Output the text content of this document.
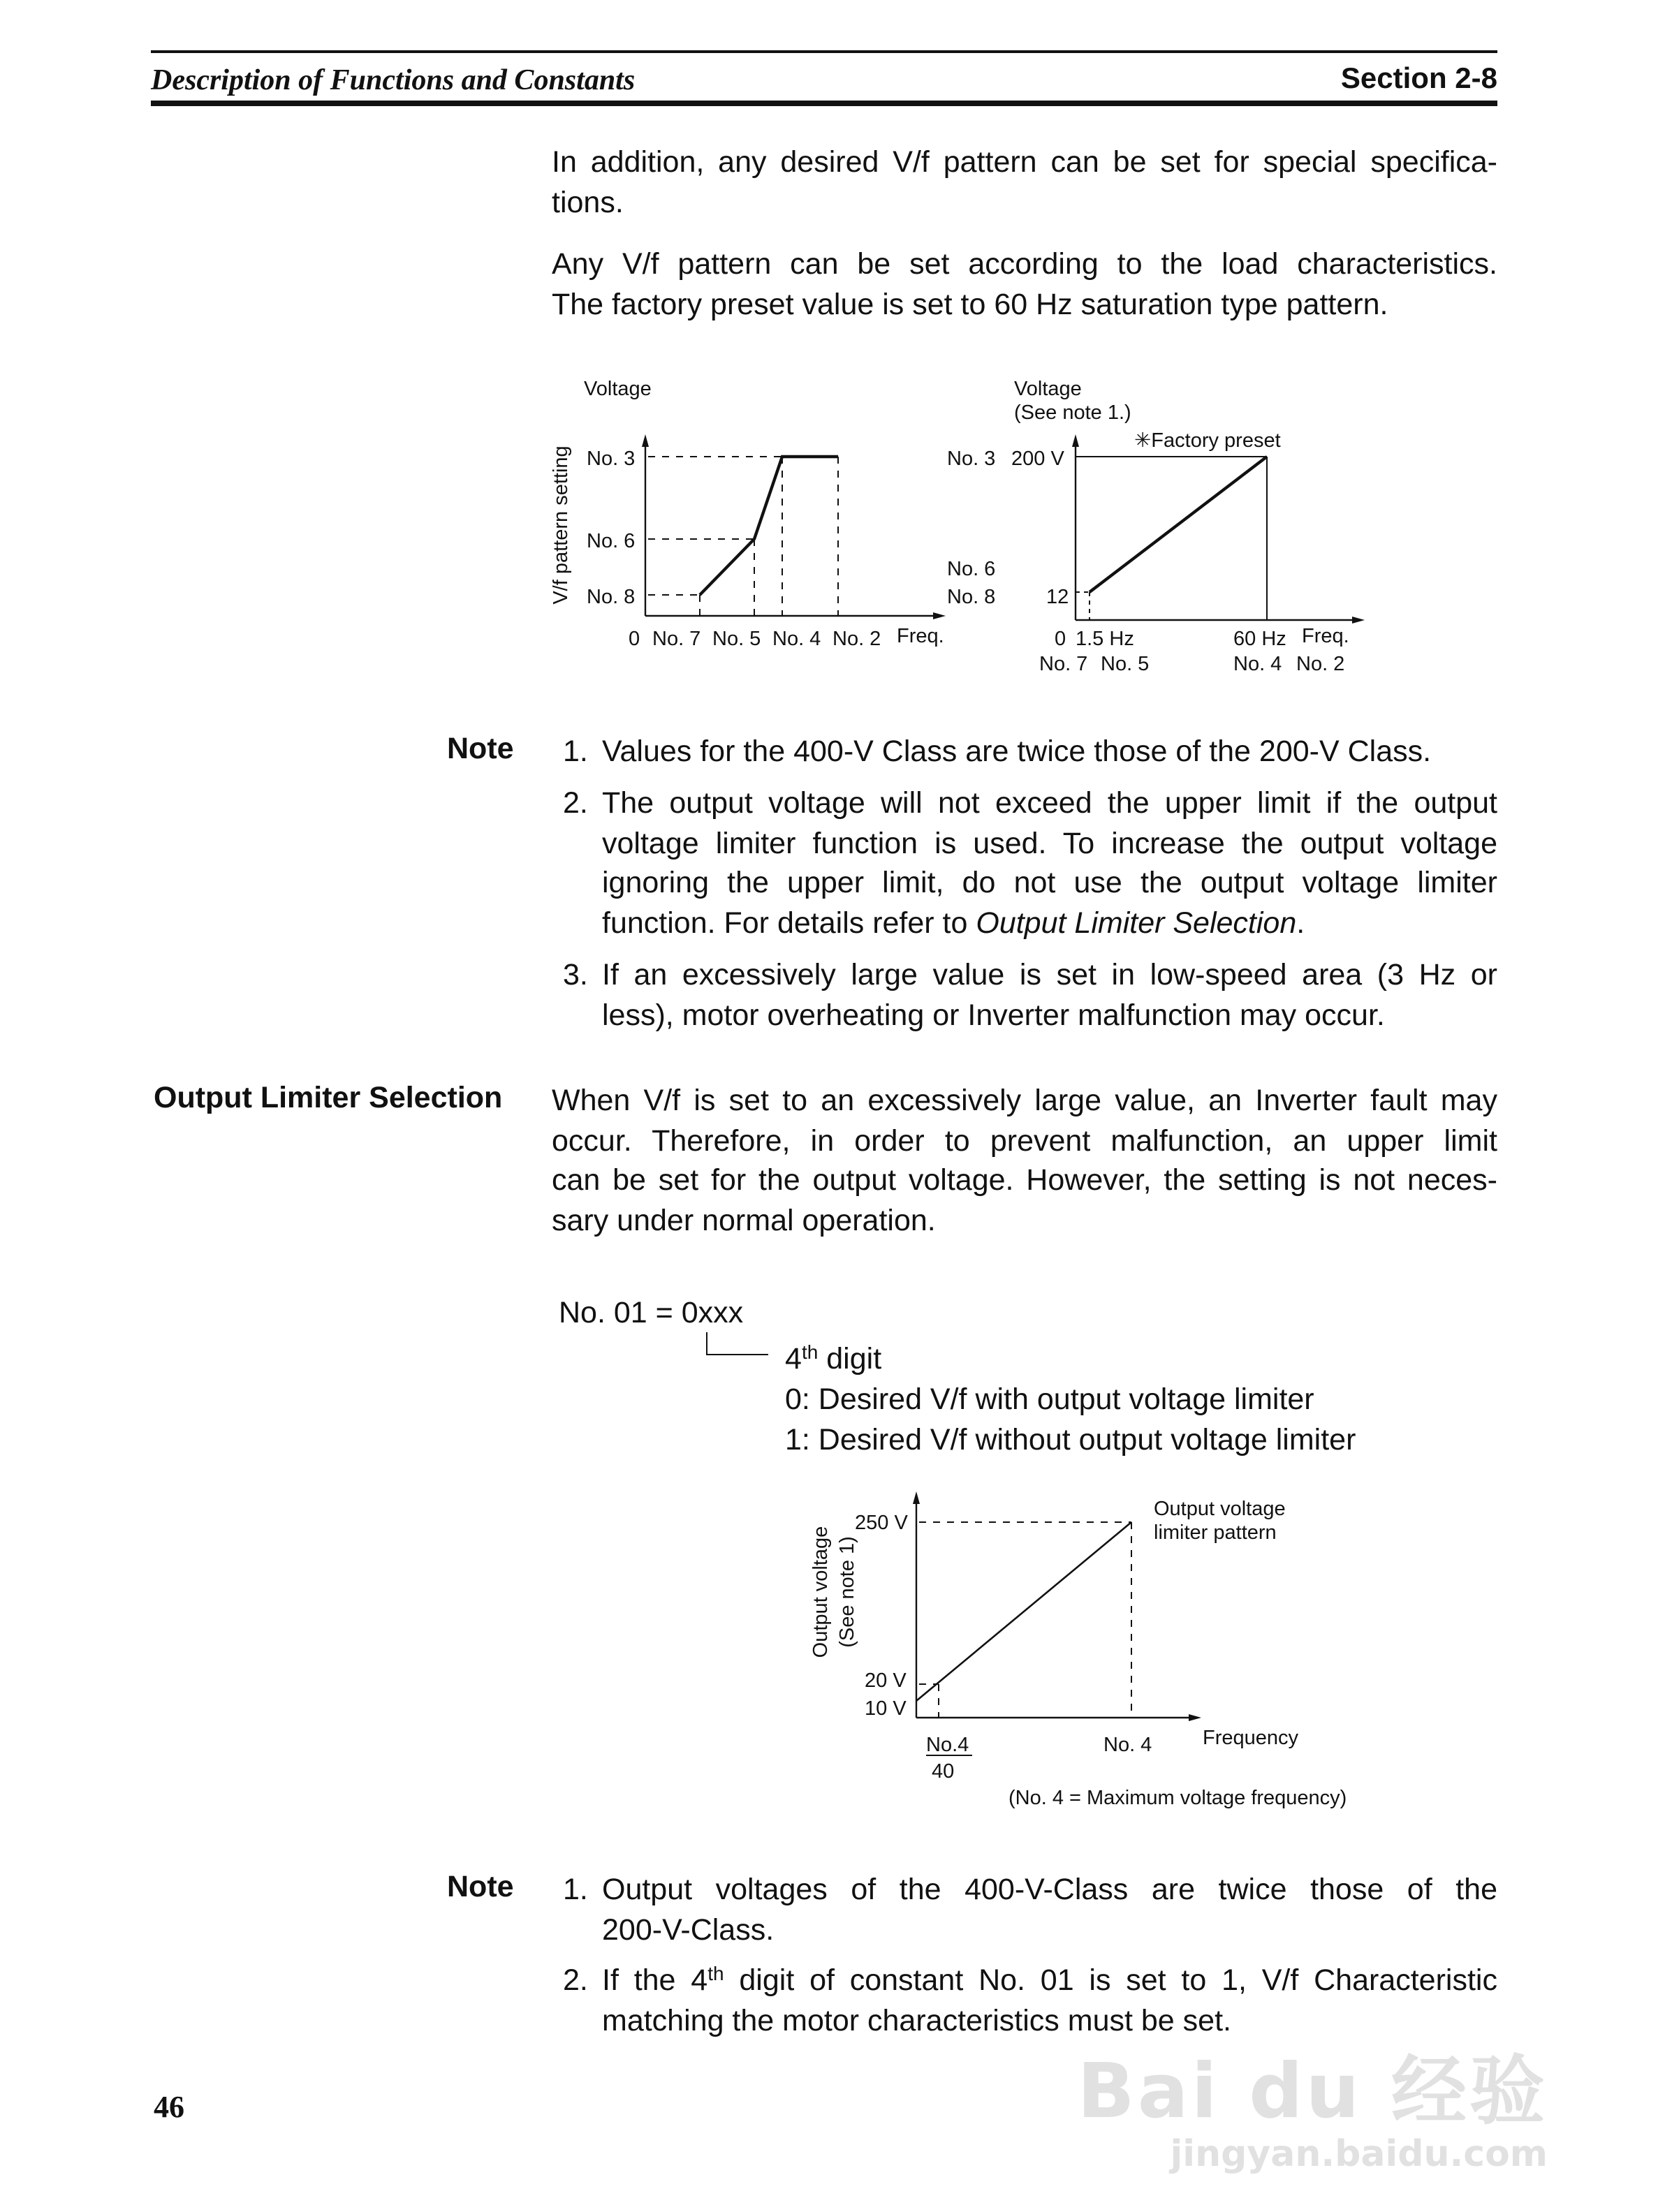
Description of Functions and Constants	Section 2-8
In addition, any desired V/f pattern can be set for special specifica-
tions.
Any V/f pattern can be set according to the load characteristics.
The factory preset value is set to 60 Hz saturation type pattern.
Voltage
V/f pattern setting No. 3
No. 6
No. 8
0 No. 7 No. 5 No. 4 No. 2 Freq.
Voltage
(See note 1.)
✳Factory preset
No. 3 200 V
No. 6
No. 8	12
0 1.5 Hz	60 Hz Freq.
No. 7 No. 5	No. 4 No. 2
Note	1. Values for the 400-V Class are twice those of the 200-V Class.
2. The output voltage will not exceed the upper limit if the output
voltage limiter function is used. To increase the output voltage
ignoring the upper limit, do not use the output voltage limiter
function. For details refer to Output Limiter Selection.
3. If an excessively large value is set in low-speed area (3 Hz or
less), motor overheating or Inverter malfunction may occur.
Output Limiter Selection	When V/f is set to an excessively large value, an Inverter fault may
occur. Therefore, in order to prevent malfunction, an upper limit
can be set for the output voltage. However, the setting is not neces-
sary under normal operation.
No. 01 = 0xxx
4th digit
0: Desired V/f with output voltage limiter
1: Desired V/f without output voltage limiter
Output voltage (See note 1)
250 V
20 V
10 V
Output voltage
limiter pattern
No.4
40
No. 4	Frequency
(No. 4 = Maximum voltage frequency)
Note	1. Output voltages of the 400-V-Class are twice those of the
200-V-Class.
2. If the 4th digit of constant No. 01 is set to 1, V/f Characteristic
matching the motor characteristics must be set.
46	Bai du 经验
jingyan.baidu.com
